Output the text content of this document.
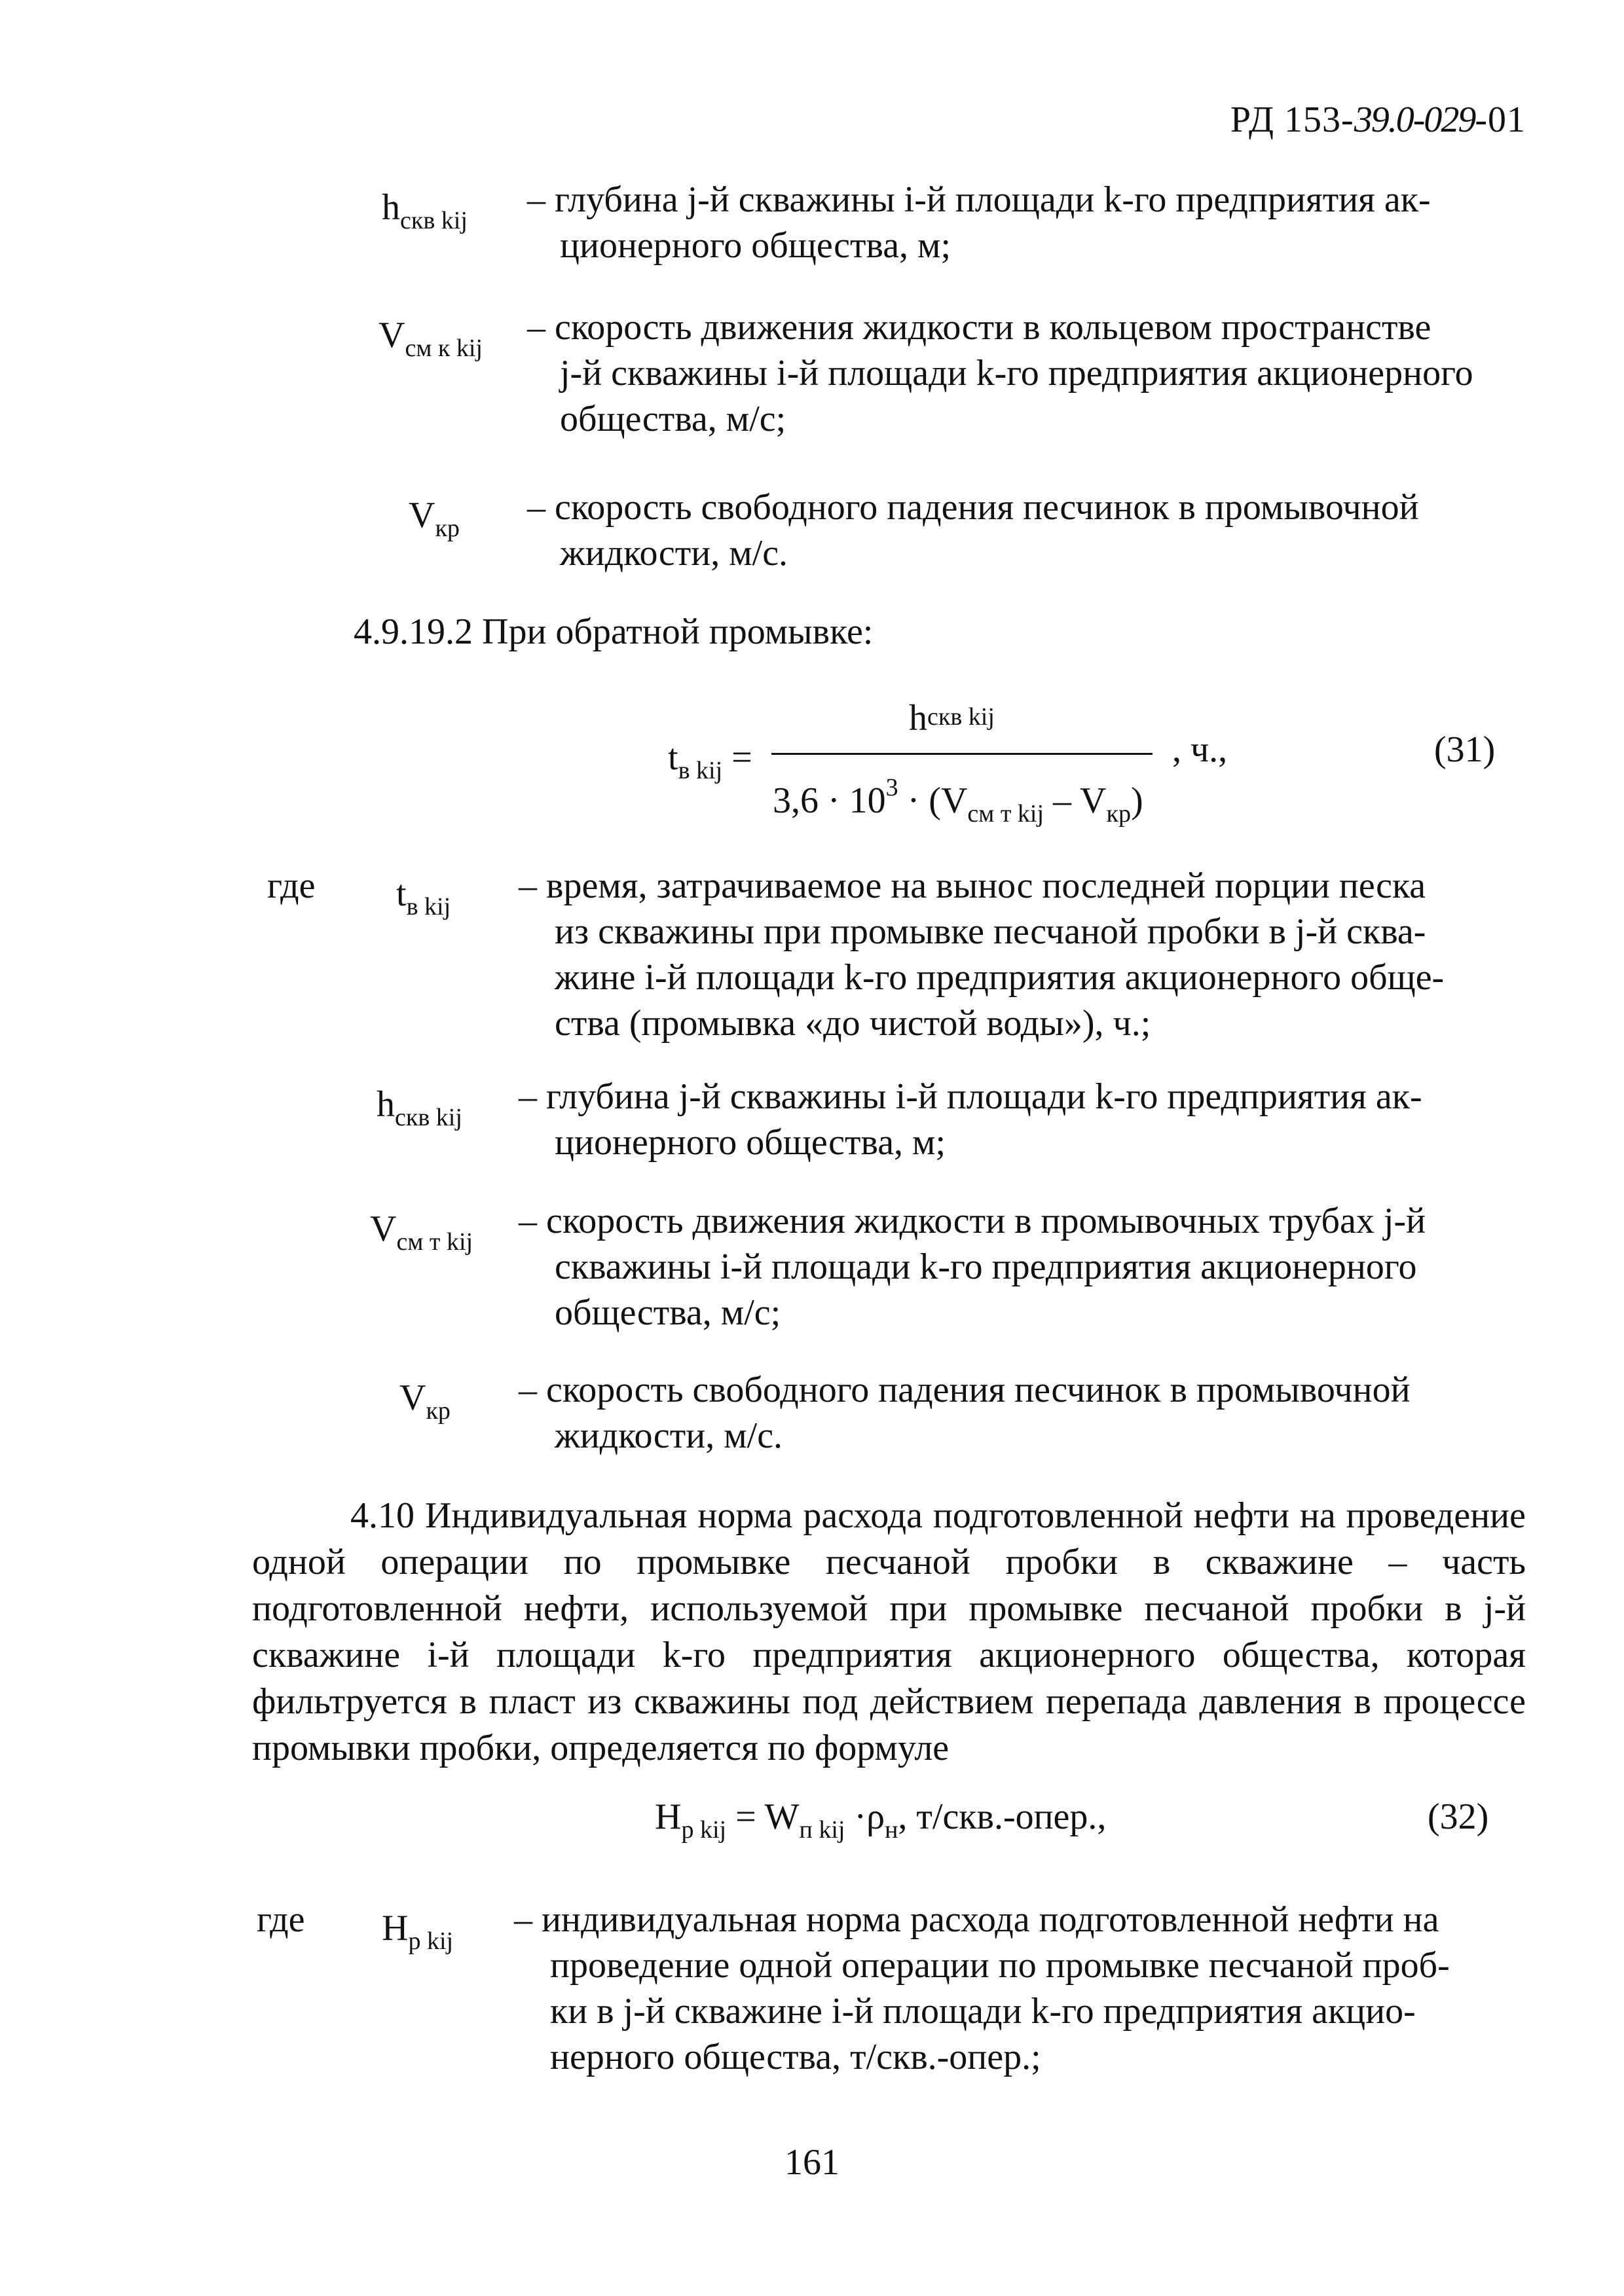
РД 153-39.0-029-01
$h_{скв kij}$
– глубина j-й скважины i-й площади k-го предприятия ак-
ционерного общества, м;
$V_{см к kij}$
– скорость движения жидкости в кольцевом пространстве
j-й скважины i-й площади k-го предприятия акционерного
общества, м/с;
$V_{кр}$
– скорость свободного падения песчинок в промывочной
жидкости, м/с.
4.9.19.2 При обратной промывке:
$t_{в kij}$ =
$h^{скв kij}$
$3,6 \cdot 10^3 \cdot (V_{см т kij} - V_{кр})$
, ч.,	(31)
где $t_{в kij}$
– время, затрачиваемое на вынос последней порции песка
из скважины при промывке песчаной пробки в j-й сква-
жине i-й площади k-го предприятия акционерного обще-
ства (промывка «до чистой воды»), ч.;
$h_{скв kij}$
– глубина j-й скважины i-й площади k-го предприятия ак-
ционерного общества, м;
$V_{см т kij}$
– скорость движения жидкости в промывочных трубах j-й
скважины i-й площади k-го предприятия акционерного
общества, м/с;
$V_{кр}$
– скорость свободного падения песчинок в промывочной
жидкости, м/с.
4.10 Индивидуальная норма расхода подготовленной нефти на проведение одной операции по промывке песчаной пробки в скважине – часть подготовленной нефти, используемой при промывке песчаной пробки в j-й скважине i-й площади k-го предприятия акционерного общества, которая фильтруется в пласт из скважины под действием перепада давления в процессе промывки пробки, определяется по формуле
$H_{р kij} = W_{п kij} \cdot\rho_н$, т/скв.-опер.,	(32)
где $H_{р kij}$
– индивидуальная норма расхода подготовленной нефти на
проведение одной операции по промывке песчаной проб-
ки в j-й скважине i-й площади k-го предприятия акцио-
нерного общества, т/скв.-опер.;
161
